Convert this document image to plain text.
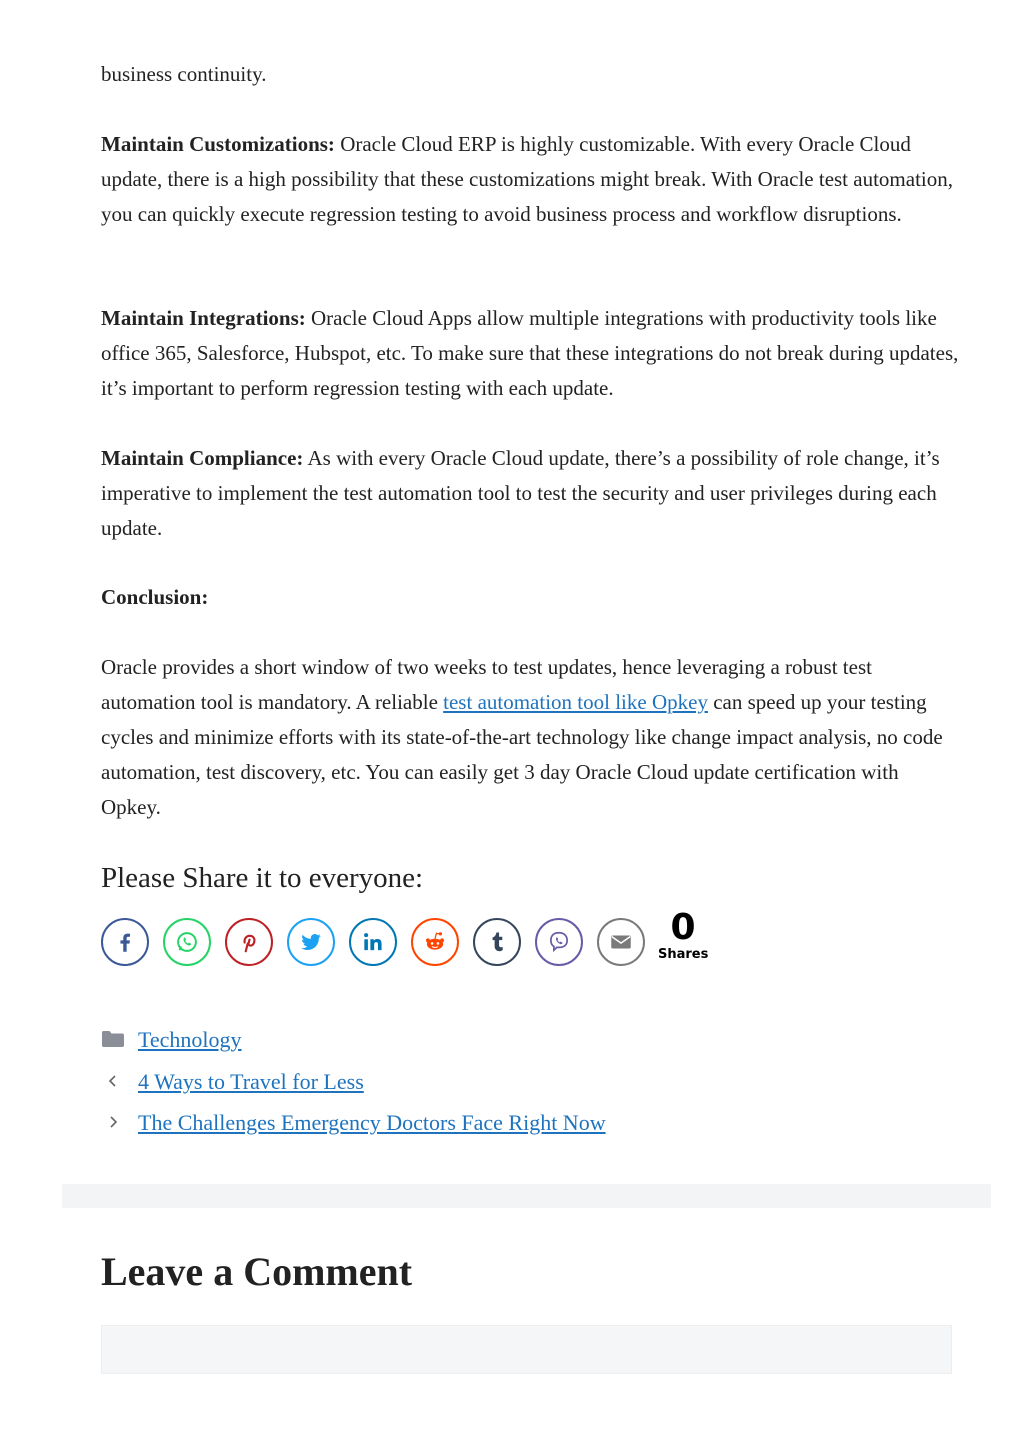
business continuity.

Maintain Customizations: Oracle Cloud ERP is highly customizable. With every Oracle Cloud update, there is a high possibility that these customizations might break. With Oracle test automation, you can quickly execute regression testing to avoid business process and workflow disruptions.

Maintain Integrations: Oracle Cloud Apps allow multiple integrations with productivity tools like office 365, Salesforce, Hubspot, etc. To make sure that these integrations do not break during updates, it’s important to perform regression testing with each update.

Maintain Compliance: As with every Oracle Cloud update, there’s a possibility of role change, it’s imperative to implement the test automation tool to test the security and user privileges during each update.

Conclusion:

Oracle provides a short window of two weeks to test updates, hence leveraging a robust test automation tool is mandatory. A reliable test automation tool like Opkey can speed up your testing cycles and minimize efforts with its state-of-the-art technology like change impact analysis, no code automation, test discovery, etc. You can easily get 3 day Oracle Cloud update certification with Opkey.

Please Share it to everyone:
0
Shares
Technology
4 Ways to Travel for Less
The Challenges Emergency Doctors Face Right Now
Leave a Comment
